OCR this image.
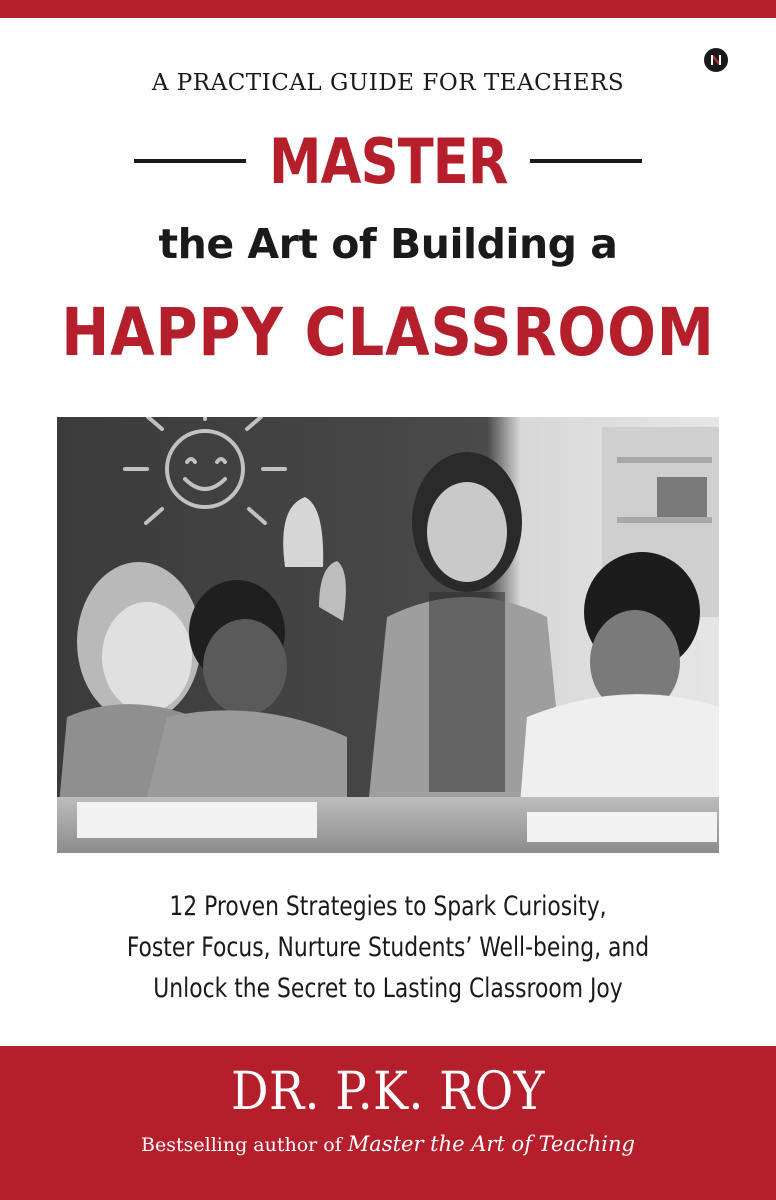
A PRACTICAL GUIDE FOR TEACHERS
MASTER
the Art of Building a
HAPPY CLASSROOM
12 Proven Strategies to Spark Curiosity,
Foster Focus, Nurture Students’ Well-being, and
Unlock the Secret to Lasting Classroom Joy
DR. P.K. ROY
Bestselling author of Master the Art of Teaching
